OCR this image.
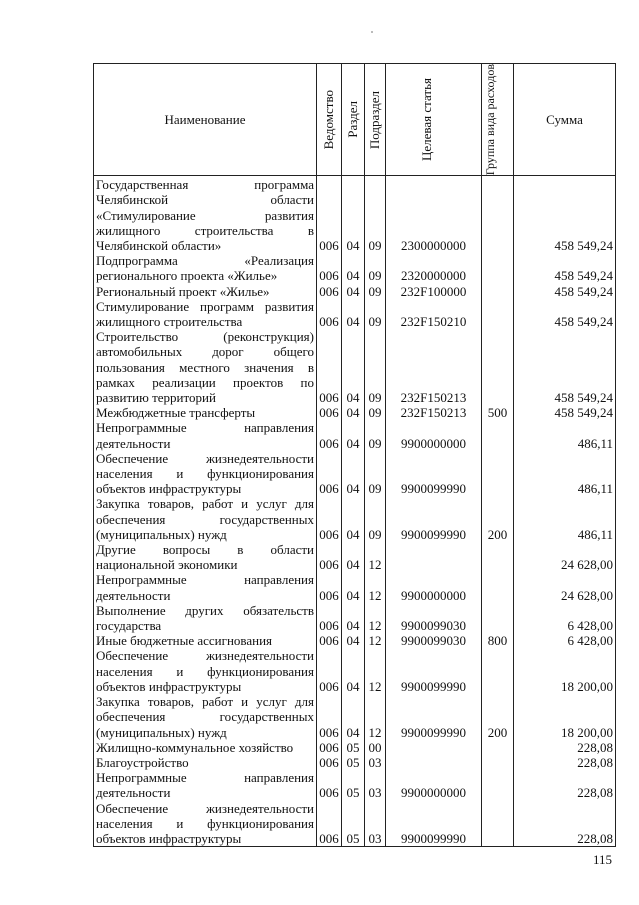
Наименование	Ведомство	Раздел	Подраздел	Целевая статья	Группа вида расходов	Сумма
Государственная программа Челябинской области «Стимулирование развития жилищного строительства в Челябинской области»	006	04	09	2300000000		458 549,24
Подпрограмма «Реализация регионального проекта «Жилье»	006	04	09	2320000000		458 549,24
Региональный проект «Жилье»	006	04	09	232F100000		458 549,24
Стимулирование программ развития жилищного строительства	006	04	09	232F150210		458 549,24
Строительство (реконструкция) автомобильных дорог общего пользования местного значения в рамках реализации проектов по развитию территорий	006	04	09	232F150213		458 549,24
Межбюджетные трансферты	006	04	09	232F150213	500	458 549,24
Непрограммные направления деятельности	006	04	09	9900000000		486,11
Обеспечение жизнедеятельности населения и функционирования объектов инфраструктуры	006	04	09	9900099990		486,11
Закупка товаров, работ и услуг для обеспечения государственных (муниципальных) нужд	006	04	09	9900099990	200	486,11
Другие вопросы в области национальной экономики	006	04	12			24 628,00
Непрограммные направления деятельности	006	04	12	9900000000		24 628,00
Выполнение других обязательств государства	006	04	12	9900099030		6 428,00
Иные бюджетные ассигнования	006	04	12	9900099030	800	6 428,00
Обеспечение жизнедеятельности населения и функционирования объектов инфраструктуры	006	04	12	9900099990		18 200,00
Закупка товаров, работ и услуг для обеспечения государственных (муниципальных) нужд	006	04	12	9900099990	200	18 200,00
Жилищно-коммунальное хозяйство	006	05	00			228,08
Благоустройство	006	05	03			228,08
Непрограммные направления деятельности	006	05	03	9900000000		228,08
Обеспечение жизнедеятельности населения и функционирования объектов инфраструктуры	006	05	03	9900099990		228,08
115
